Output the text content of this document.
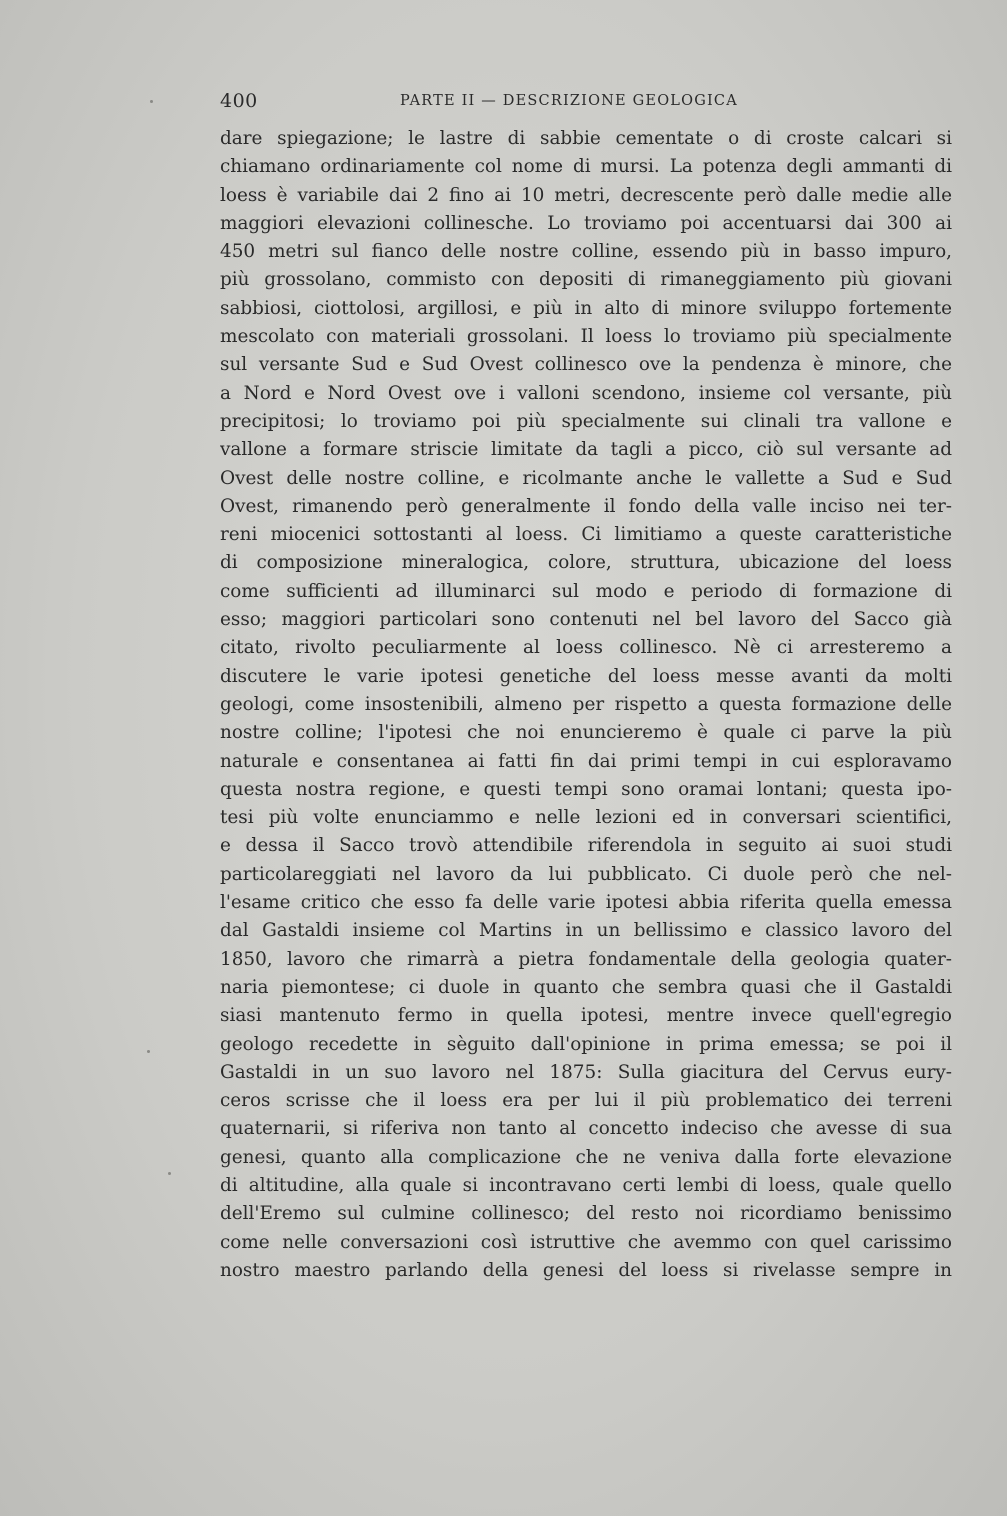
400	PARTE II — DESCRIZIONE GEOLOGICA
dare spiegazione; le lastre di sabbie cementate o di croste calcari si
chiamano ordinariamente col nome di mursi. La potenza degli ammanti di
loess è variabile dai 2 fino ai 10 metri, decrescente però dalle medie alle
maggiori elevazioni collinesche. Lo troviamo poi accentuarsi dai 300 ai
450 metri sul fianco delle nostre colline, essendo più in basso impuro,
più grossolano, commisto con depositi di rimaneggiamento più giovani
sabbiosi, ciottolosi, argillosi, e più in alto di minore sviluppo fortemente
mescolato con materiali grossolani. Il loess lo troviamo più specialmente
sul versante Sud e Sud Ovest collinesco ove la pendenza è minore, che
a Nord e Nord Ovest ove i valloni scendono, insieme col versante, più
precipitosi; lo troviamo poi più specialmente sui clinali tra vallone e
vallone a formare striscie limitate da tagli a picco, ciò sul versante ad
Ovest delle nostre colline, e ricolmante anche le vallette a Sud e Sud
Ovest, rimanendo però generalmente il fondo della valle inciso nei ter-
reni miocenici sottostanti al loess. Ci limitiamo a queste caratteristiche
di composizione mineralogica, colore, struttura, ubicazione del loess
come sufficienti ad illuminarci sul modo e periodo di formazione di
esso; maggiori particolari sono contenuti nel bel lavoro del Sacco già
citato, rivolto peculiarmente al loess collinesco. Nè ci arresteremo a
discutere le varie ipotesi genetiche del loess messe avanti da molti
geologi, come insostenibili, almeno per rispetto a questa formazione delle
nostre colline; l'ipotesi che noi enuncieremo è quale ci parve la più
naturale e consentanea ai fatti fin dai primi tempi in cui esploravamo
questa nostra regione, e questi tempi sono oramai lontani; questa ipo-
tesi più volte enunciammo e nelle lezioni ed in conversari scientifici,
e dessa il Sacco trovò attendibile riferendola in seguito ai suoi studi
particolareggiati nel lavoro da lui pubblicato. Ci duole però che nel-
l'esame critico che esso fa delle varie ipotesi abbia riferita quella emessa
dal Gastaldi insieme col Martins in un bellissimo e classico lavoro del
1850, lavoro che rimarrà a pietra fondamentale della geologia quater-
naria piemontese; ci duole in quanto che sembra quasi che il Gastaldi
siasi mantenuto fermo in quella ipotesi, mentre invece quell'egregio
geologo recedette in sèguito dall'opinione in prima emessa; se poi il
Gastaldi in un suo lavoro nel 1875: Sulla giacitura del Cervus eury-
ceros scrisse che il loess era per lui il più problematico dei terreni
quaternarii, si riferiva non tanto al concetto indeciso che avesse di sua
genesi, quanto alla complicazione che ne veniva dalla forte elevazione
di altitudine, alla quale si incontravano certi lembi di loess, quale quello
dell'Eremo sul culmine collinesco; del resto noi ricordiamo benissimo
come nelle conversazioni così istruttive che avemmo con quel carissimo
nostro maestro parlando della genesi del loess si rivelasse sempre in
